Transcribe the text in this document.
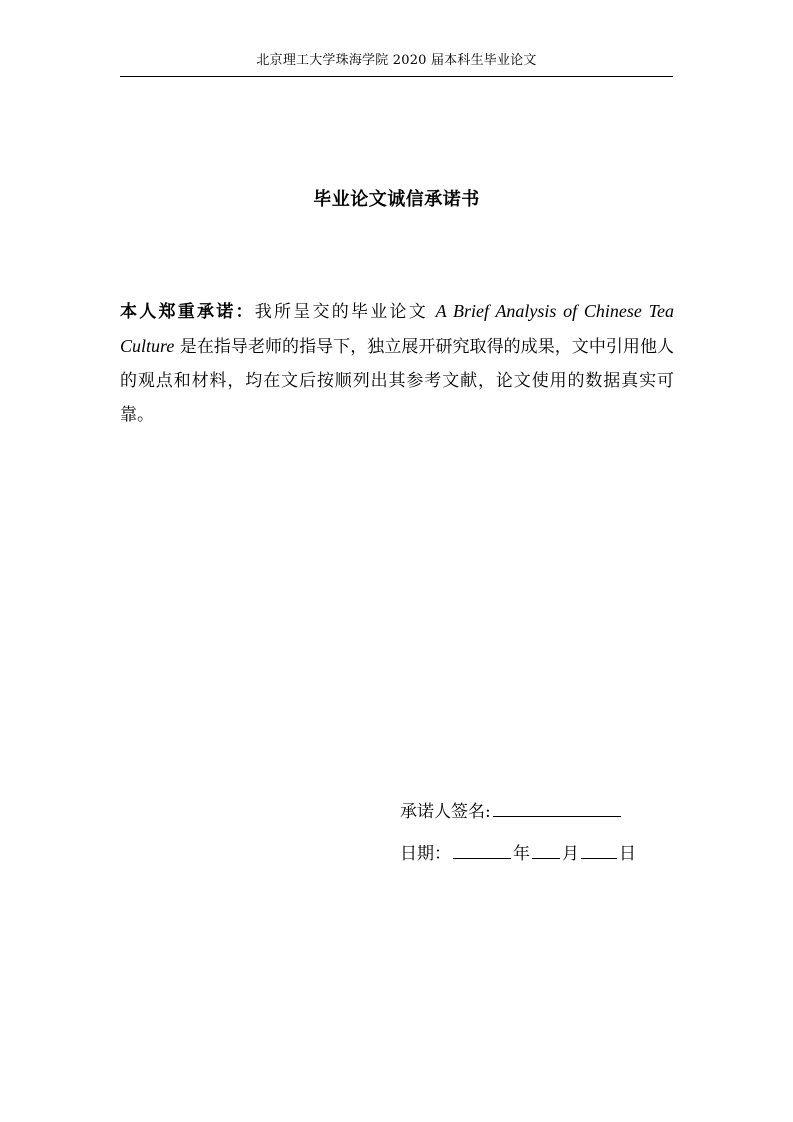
北京理工大学珠海学院 2020 届本科生毕业论文
毕业论文诚信承诺书

本人郑重承诺：我所呈交的毕业论文 A Brief Analysis of Chinese Tea Culture 是在指导老师的指导下，独立展开研究取得的成果，文中引用他人的观点和材料，均在文后按顺列出其参考文献，论文使用的数据真实可靠。

承诺人签名:
日期：	年 月 日
